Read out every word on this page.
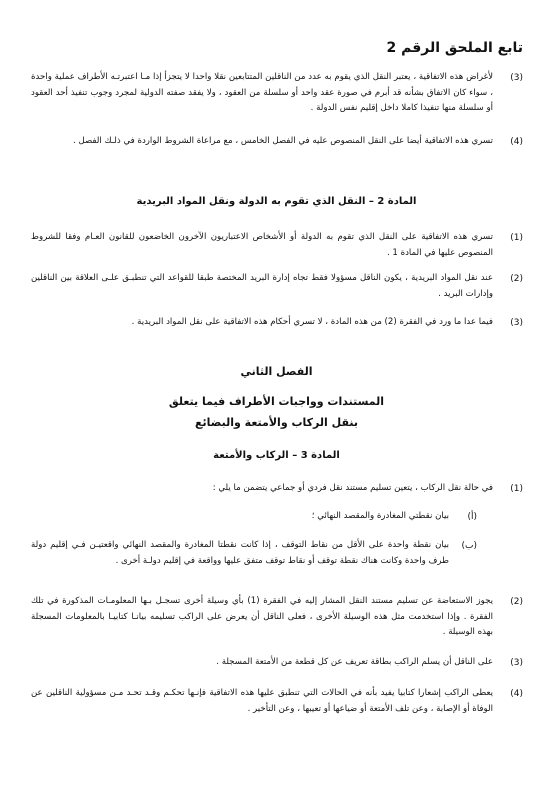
تابع الملحق الرقم 2
(3)
لأغراض هذه الاتفاقية ، يعتبر النقل الذي يقوم به عدد من الناقلين المتتابعين نقلا واحدا لا يتجزأ إذا مـا اعتبرتـه الأطراف عملية واحدة ، سواء كان الاتفاق بشأنه قد أبرم في صورة عقد واحد أو سلسلة من العقود ، ولا يفقد صفته الدولية لمجرد وجوب تنفيذ أحد العقود أو سلسلة منها تنفيذا كاملا داخل إقليم نفس الدولة .
(4)
تسري هذه الاتفاقية أيضا على النقل المنصوص عليه في الفصل الخامس ، مع مراعاة الشروط الواردة في ذلـك الفصل .
المادة 2 – النقل الذي تقوم به الدولة ونقل المواد البريدية
(1)
تسري هذه الاتفاقية على النقل الذي تقوم به الدولة أو الأشخاص الاعتباريون الآخرون الخاضعون للقانون العـام وفقا للشروط المنصوص عليها في المادة 1 .
(2)
عند نقل المواد البريدية ، يكون الناقل مسؤولا فقط تجاه إدارة البريد المختصة طبقا للقواعد التي تنطبـق علـى العلاقة بين الناقلين وإدارات البريد .
(3)
فيما عدا ما ورد في الفقرة (2) من هذه المادة ، لا تسري أحكام هذه الاتفاقية على نقل المواد البريدية .
الفصل الثاني
المستندات وواجبات الأطراف فيما يتعلق
بنقل الركاب والأمتعة والبضائع
المادة 3 – الركاب والأمتعة
(1)
في حالة نقل الركاب ، يتعين تسليم مستند نقل فردي أو جماعي يتضمن ما يلي :
(أ)
بيان نقطتي المغادرة والمقصد النهائي ؛
(ب)
بيان نقطة واحدة على الأقل من نقاط التوقف ، إذا كانت نقطتا المغادرة والمقصد النهائي واقعتيـن فـي إقليم دولة طرف واحدة وكانت هناك نقطة توقف أو نقاط توقف متفق عليها وواقعة في إقليم دولـة أخرى .
(2)
يجوز الاستعاضة عن تسليم مستند النقل المشار إليه في الفقرة (1) بأي وسيلة أخرى تسجـل بـها المعلومـات المذكورة في تلك الفقرة . وإذا استخدمت مثل هذه الوسيلة الأخرى ، فعلى الناقل أن يعرض على الراكب تسليمه بيانـا كتابيـا بالمعلومات المسجلة بهذه الوسيلة .
(3)
على الناقل أن يسلم الراكب بطاقة تعريف عن كل قطعة من الأمتعة المسجلة .
(4)
يعطى الراكب إشعارا كتابيا يفيد بأنه في الحالات التي تنطبق عليها هذه الاتفاقية فإنـها تحكـم وقـد تحـد مـن مسؤولية الناقلين عن الوفاة أو الإصابة ، وعن تلف الأمتعة أو ضياعها أو تعيبها ، وعن التأخير .
